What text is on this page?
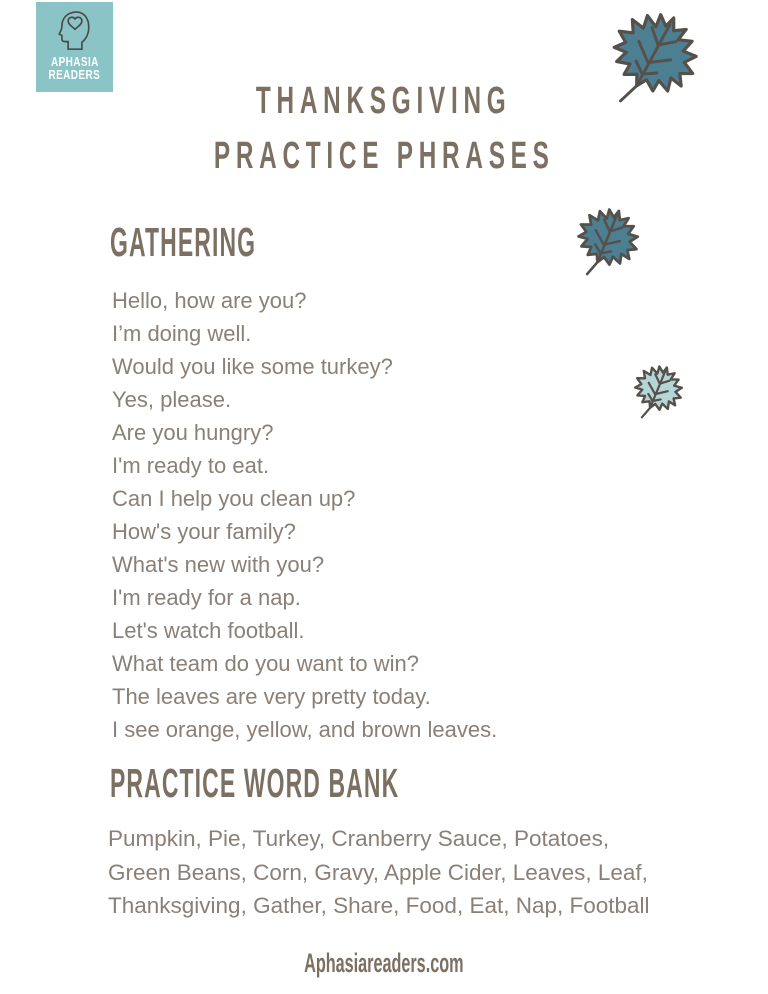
APHASIA
READERS
THANKSGIVING
PRACTICE PHRASES
GATHERING
Hello, how are you?
I’m doing well.
Would you like some turkey?
Yes, please.
Are you hungry?
I'm ready to eat.
Can I help you clean up?
How's your family?
What's new with you?
I'm ready for a nap.
Let's watch football.
What team do you want to win?
The leaves are very pretty today.
I see orange, yellow, and brown leaves.
PRACTICE WORD BANK
Pumpkin, Pie, Turkey, Cranberry Sauce, Potatoes,
Green Beans, Corn, Gravy, Apple Cider, Leaves, Leaf,
Thanksgiving, Gather, Share, Food, Eat, Nap, Football
Aphasiareaders.com
